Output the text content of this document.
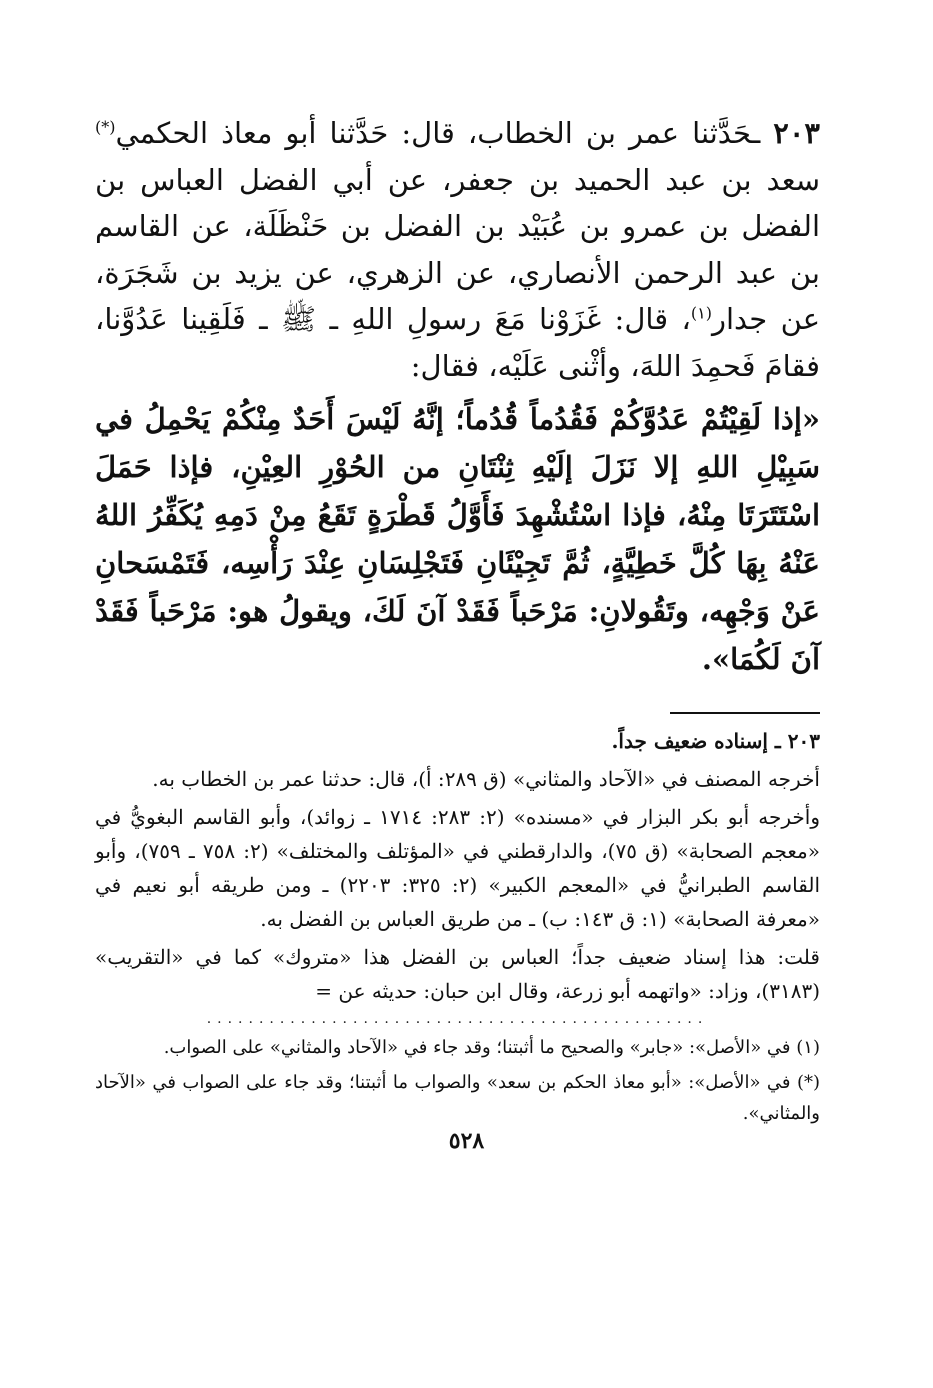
٢٠٣ ـحَدَّثنا عمر بن الخطاب، قال: حَدَّثنا أبو معاذ الحكمي(*) سعد بن عبد الحميد بن جعفر، عن أبي الفضل العباس بن الفضل بن عمرو بن عُبَيْد بن الفضل بن حَنْظَلَة، عن القاسم بن عبد الرحمن الأنصاري، عن الزهري، عن يزيد بن شَجَرَة، عن جدار$^{(١)}$، قال: غَزَوْنا مَعَ رسولِ اللهِ ـ ﷺ ـ فَلَقِينا عَدُوَّنا، فقامَ فَحمِدَ اللهَ، وأثْنى عَلَيْه، فقال:

«إذا لَقِيْتُمْ عَدُوَّكُمْ فَقُدُماً قُدُماً؛ إنَّهُ لَيْسَ أَحَدٌ مِنْكُمْ يَحْمِلُ في سَبِيْلِ اللهِ إلا نَزَلَ إلَيْهِ ثِنْتَانِ من الحُوْرِ العِيْنِ، فإذا حَمَلَ اسْتَتَرَتَا مِنْهُ، فإذا اسْتُشْهِدَ فَأَوَّلُ قَطْرَةٍ تَقَعُ مِنْ دَمِهِ يُكَفِّرُ اللهُ عَنْهُ بِهَا كُلَّ خَطِيَّةٍ، ثُمَّ تَجِيْئَانِ فَتَجْلِسَانِ عِنْدَ رَأْسِه، فَتَمْسَحانِ عَنْ وَجْهِه، وتَقُولانِ: مَرْحَباً فَقَدْ آنَ لَكَ، ويقولُ هو: مَرْحَباً فَقَدْ آنَ لَكُمَا».

٢٠٣ ـ إسناده ضعيف جداً.

أخرجه المصنف في «الآحاد والمثاني» (ق ٢٨٩: أ)، قال: حدثنا عمر بن الخطاب به.

وأخرجه أبو بكر البزار في «مسنده» (٢: ٢٨٣: ١٧١٤ ـ زوائد)، وأبو القاسم البغويُّ في «معجم الصحابة» (ق ٧٥)، والدارقطني في «المؤتلف والمختلف» (٢: ٧٥٨ ـ ٧٥٩)، وأبو القاسم الطبرانيُّ في «المعجم الكبير» (٢: ٣٢٥: ٢٢٠٣) ـ ومن طريقه أبو نعيم في «معرفة الصحابة» (١: ق ١٤٣: ب) ـ من طريق العباس بن الفضل به.

قلت: هذا إسناد ضعيف جداً؛ العباس بن الفضل هذا «متروك» كما في «التقريب» (٣١٨٣)، وزاد: «واتهمه أبو زرعة، وقال ابن حبان: حديثه عن =

................................................

(١) في «الأصل»: «جابر» والصحيح ما أثبتنا؛ وقد جاء في «الآحاد والمثاني» على الصواب.

(*) في «الأصل»: «أبو معاذ الحكم بن سعد» والصواب ما أثبتنا؛ وقد جاء على الصواب في «الآحاد والمثاني».

٥٢٨
